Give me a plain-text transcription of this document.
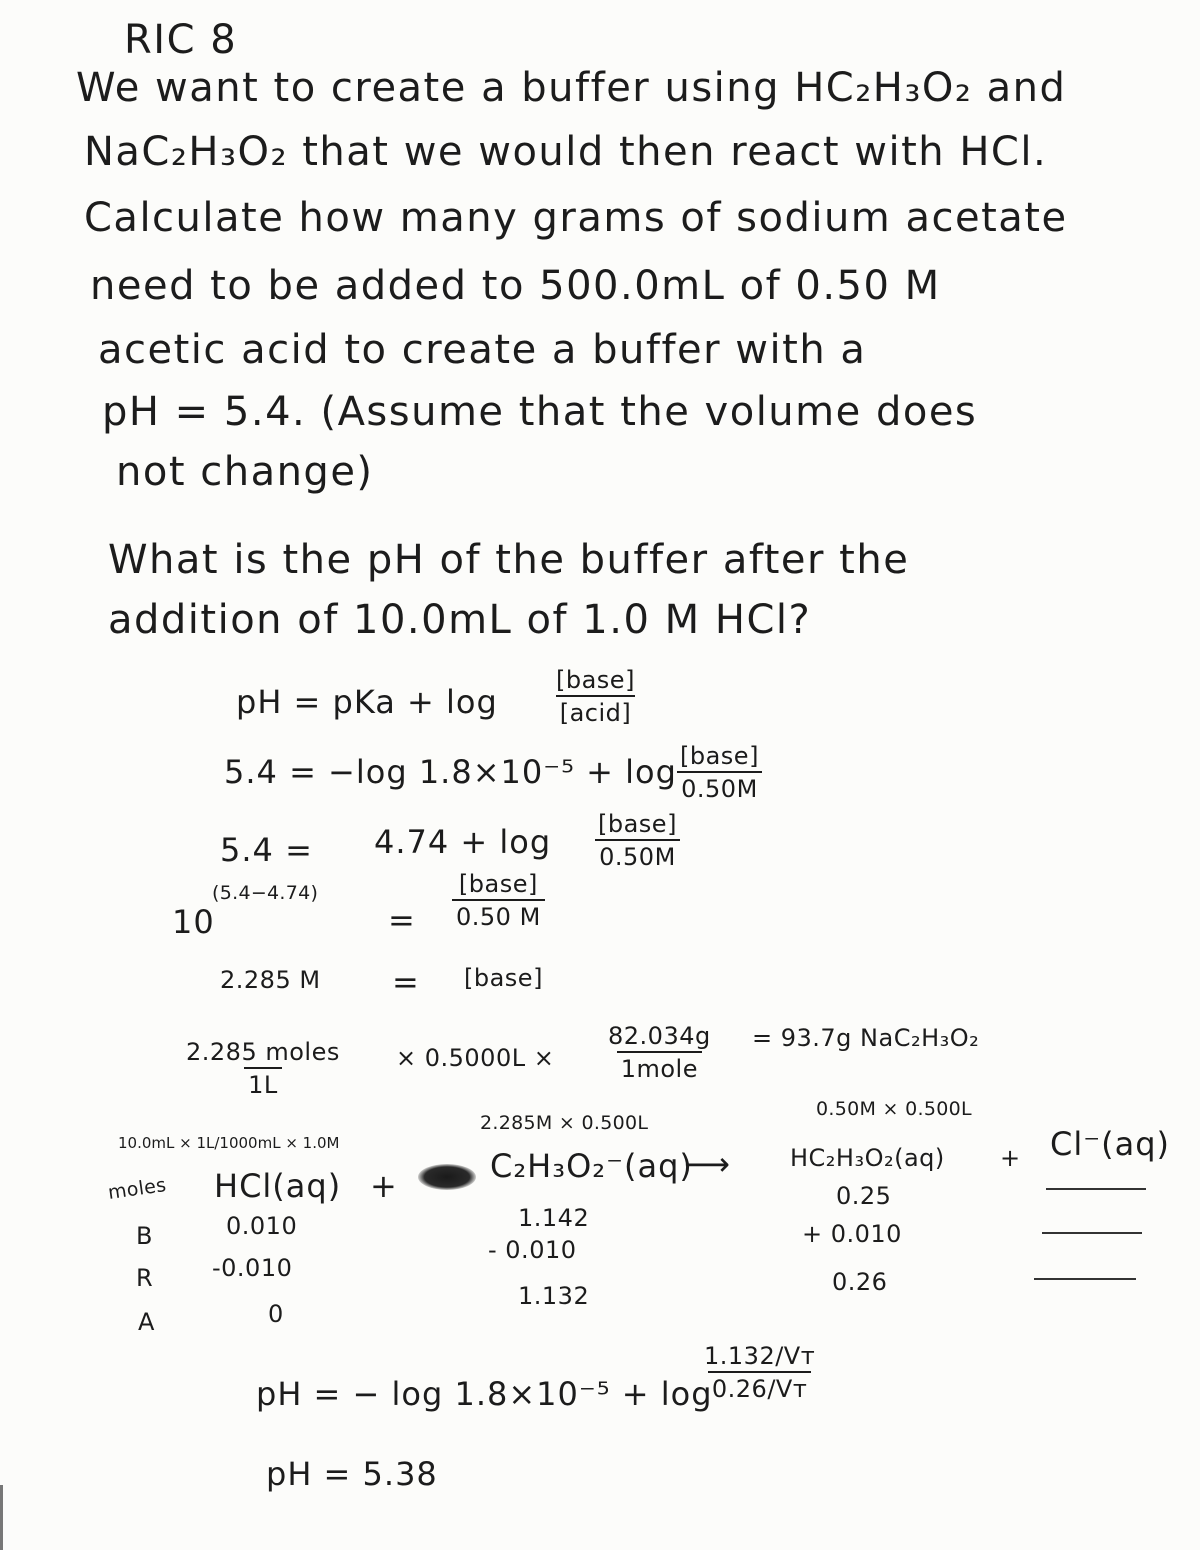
RIC 8
We want to create a buffer using HC₂H₃O₂ and
NaC₂H₃O₂ that we would then react with HCl.
Calculate how many grams of sodium acetate
need to be added to 500.0mL of 0.50 M
acetic acid to create a buffer with a
pH = 5.4. (Assume that the volume does
not change)
What is the pH of the buffer after the
addition of 10.0mL of 1.0 M HCl?
pH = pKa + log
[base]
[acid]
5.4 = −log 1.8×10⁻⁵ + log [base]
0.50M
5.4 = 4.74 + log [base]
0.50M
10
(5.4−4.74)
=
[base]
0.50 M
2.285 M = [base]
2.285 moles
1L
× 0.5000L ×
82.034g
1mole
= 93.7g NaC₂H₃O₂
10.0mL × 1L/1000mL × 1.0M
2.285M × 0.500L
0.50M × 0.500L
moles HCl(aq) +
C₂H₃O₂⁻(aq)
⟶ HC₂H₃O₂(aq) + Cl⁻(aq)
B
R
A
0.010
-0.010
0
1.142
- 0.010
1.132
0.25
+ 0.010
0.26
pH = − log 1.8×10⁻⁵ + log
$\frac{\text{1.132/Vᴛ}}{\text{0.26/Vᴛ}}$
pH = 5.38
